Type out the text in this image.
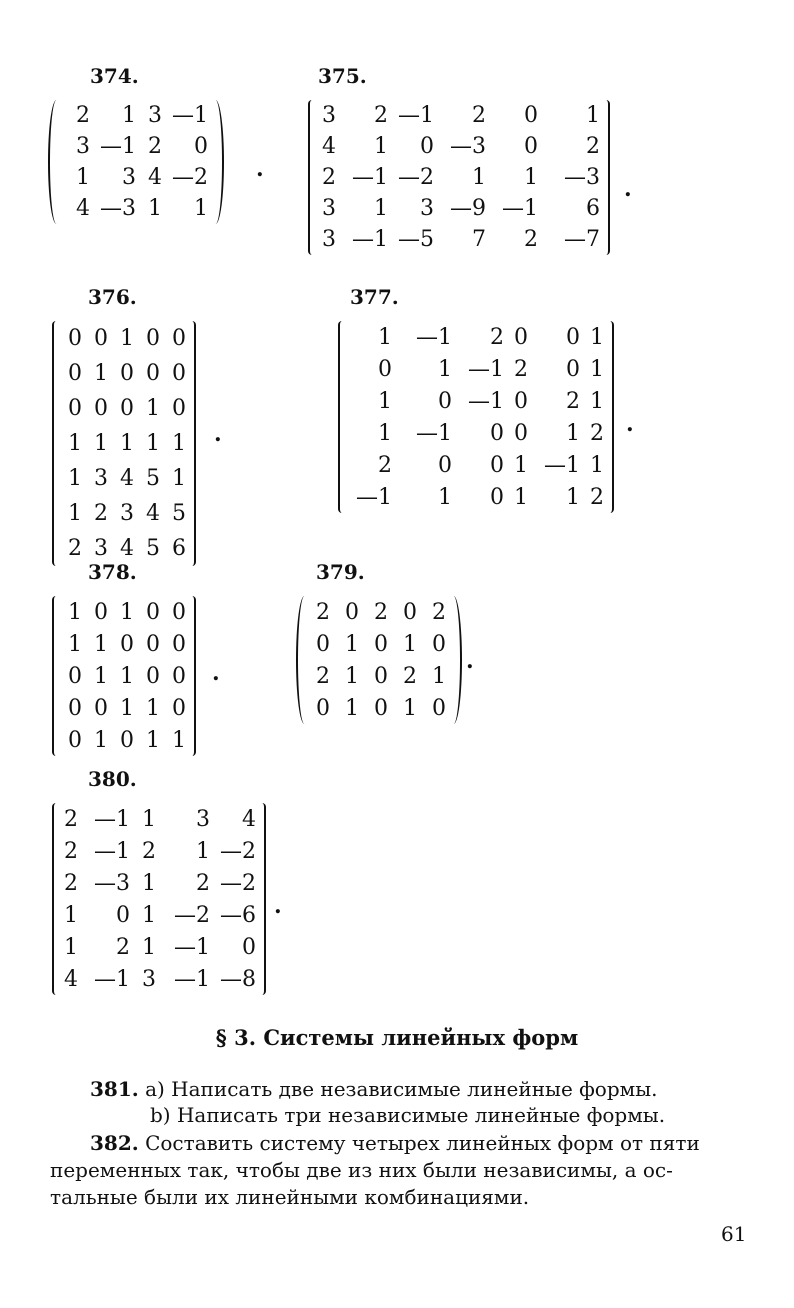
374.
2	1	3	—1
3	—1	2	0
1	3	4	—2
4	—3	1	1
.
375.
3	2	—1	2	0	1
4	1	0	—3	0	2
2	—1	—2	1	1	—3
3	1	3	—9	—1	6
3	—1	—5	7	2	—7
.
376.
0	0	1	0	0
0	1	0	0	0
0	0	0	1	0
1	1	1	1	1
1	3	4	5	1
1	2	3	4	5
2	3	4	5	6
.
377.
1	—1	2	0	0	1
0	1	—1	2	0	1
1	0	—1	0	2	1
1	—1	0	0	1	2
2	0	0	1	—1	1
—1	1	0	1	1	2
.
378.
1	0	1	0	0
1	1	0	0	0
0	1	1	0	0
0	0	1	1	0
0	1	0	1	1
.
379.
2	0	2	0	2
0	1	0	1	0
2	1	0	2	1
0	1	0	1	0
.
380.
2	—1	1	3	4
2	—1	2	1	—2
2	—3	1	2	—2
1	0	1	—2	—6
1	2	1	—1	0
4	—1	3	—1	—8
.
§ 3. Системы линейных форм
381. a) Написать две независимые линейные формы.
b) Написать три независимые линейные формы.
382. Составить систему четырех линейных форм от пяти
переменных так, чтобы две из них были независимы, а ос-
тальные были их линейными комбинациями.
61
